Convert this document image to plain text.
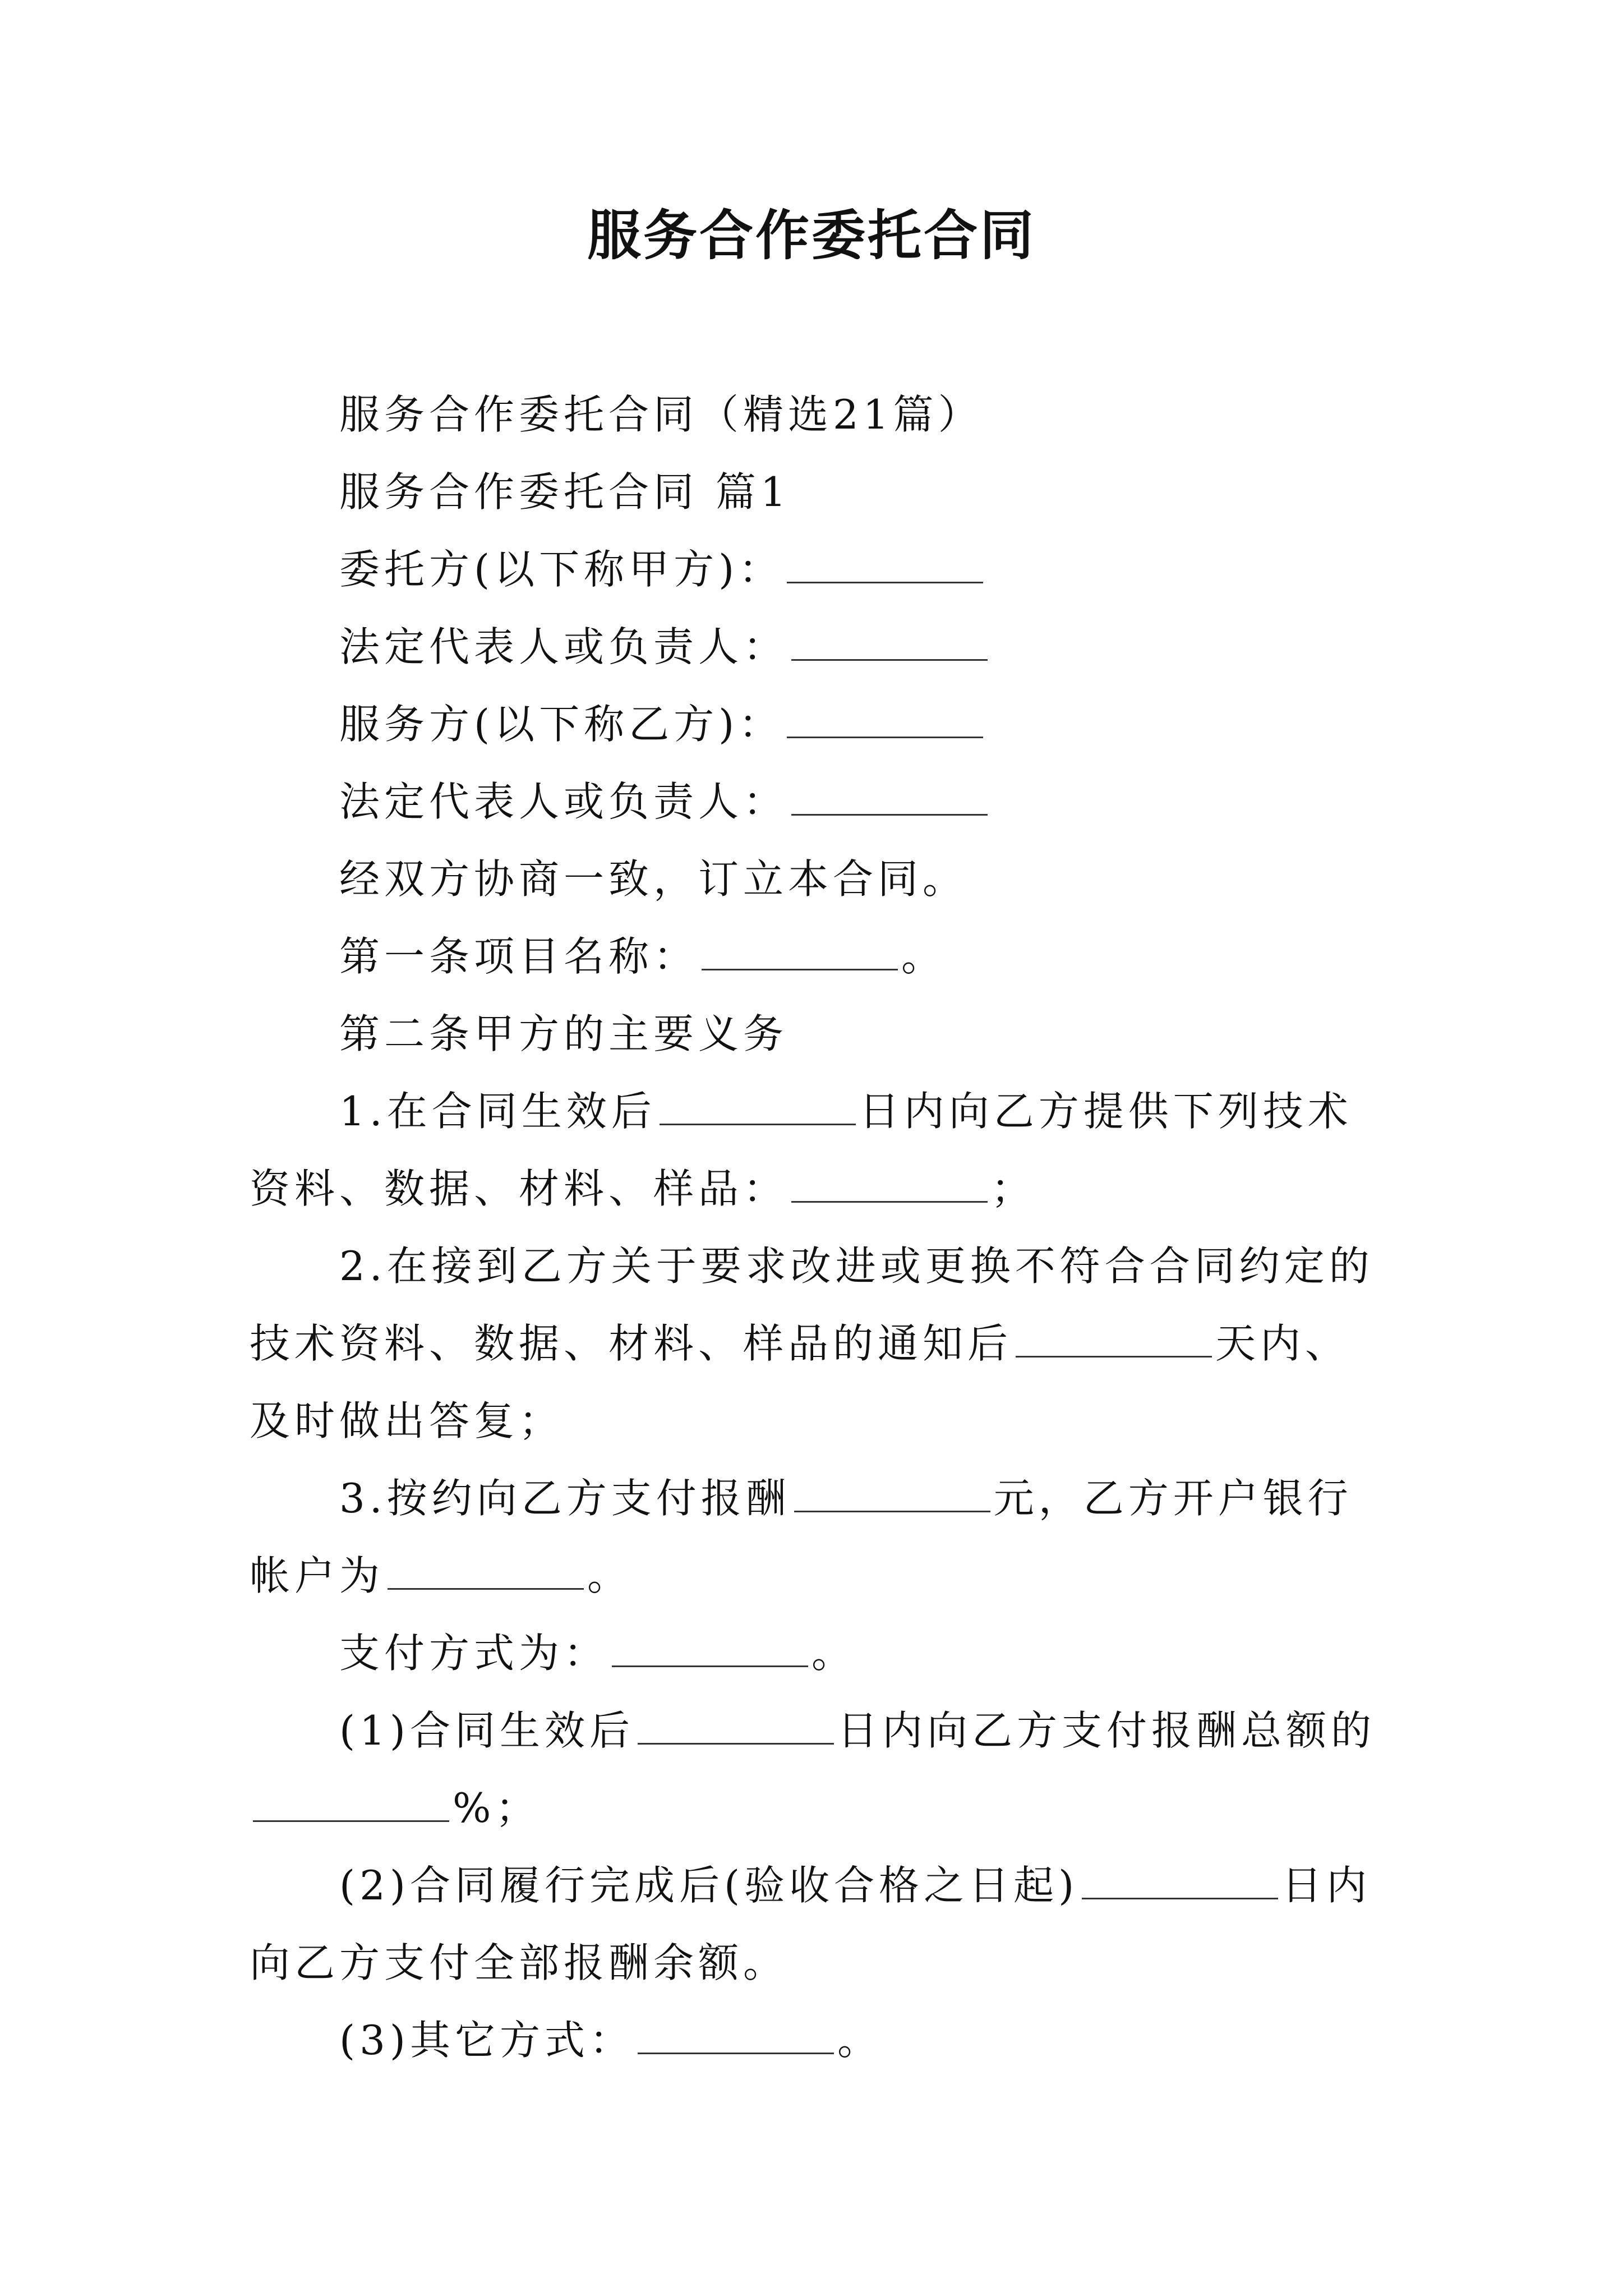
服务合作委托合同

服务合作委托合同（精选21篇）

服务合作委托合同 篇1

委托方(以下称甲方)：

法定代表人或负责人：

服务方(以下称乙方)：

法定代表人或负责人：

经双方协商一致，订立本合同。

第一条项目名称：	。

第二条甲方的主要义务

1.在合同生效后	日内向乙方提供下列技术资料、数据、材料、样品：	；

2.在接到乙方关于要求改进或更换不符合合同约定的技术资料、数据、材料、样品的通知后	天内、及时做出答复；

3.按约向乙方支付报酬	元，乙方开户银行帐户为	。

支付方式为：	。

(1)合同生效后	日内向乙方支付报酬总额的%；

(2)合同履行完成后(验收合格之日起)	日内向乙方支付全部报酬余额。

(3)其它方式：	。
